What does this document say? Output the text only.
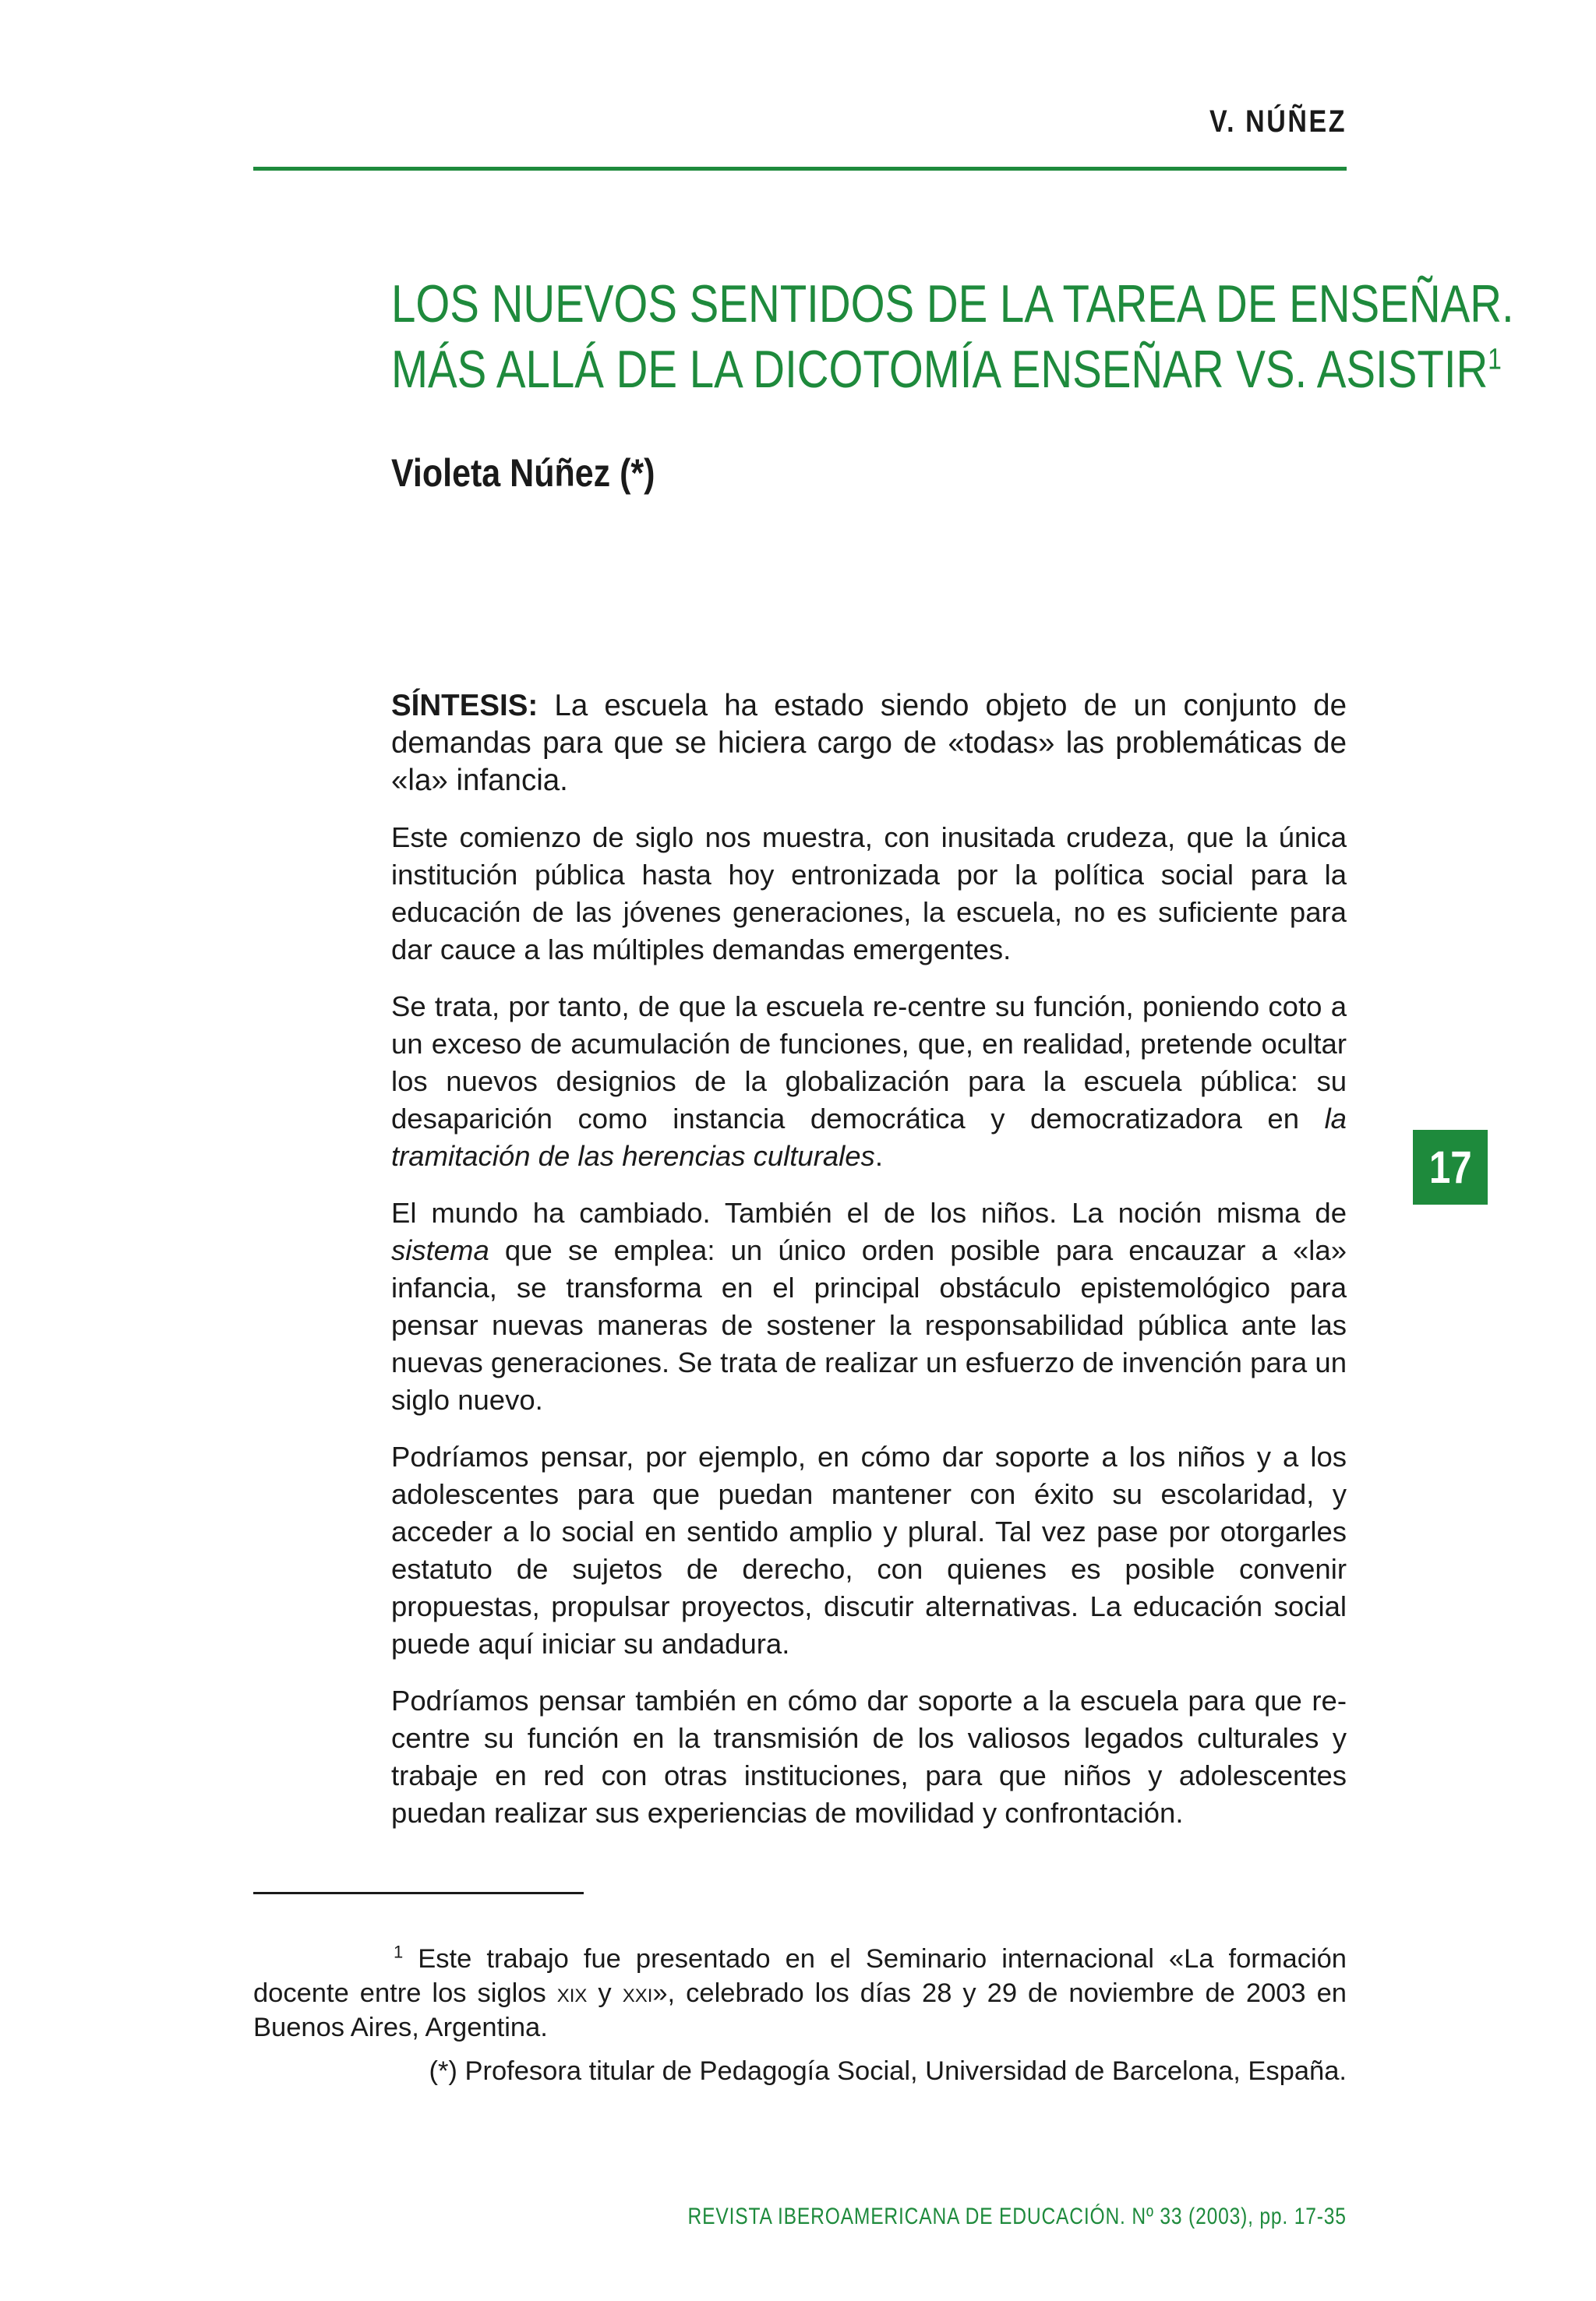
V. NÚÑEZ
LOS NUEVOS SENTIDOS DE LA TAREA DE ENSEÑAR.
MÁS ALLÁ DE LA DICOTOMÍA ENSEÑAR VS. ASISTIR$^1$
Violeta Núñez (*)

SÍNTESIS: La escuela ha estado siendo objeto de un conjunto de demandas para que se hiciera cargo de «todas» las problemáticas de «la» infancia.

Este comienzo de siglo nos muestra, con inusitada crudeza, que la única institución pública hasta hoy entronizada por la política social para la educación de las jóvenes generaciones, la escuela, no es suficiente para dar cauce a las múltiples demandas emergentes.

Se trata, por tanto, de que la escuela re-centre su función, poniendo coto a un exceso de acumulación de funciones, que, en realidad, pretende ocultar los nuevos designios de la globalización para la escuela pública: su desaparición como instancia democrática y democratizadora en la tramitación de las herencias culturales.

El mundo ha cambiado. También el de los niños. La noción misma de sistema que se emplea: un único orden posible para encauzar a «la» infancia, se transforma en el principal obstáculo epistemológico para pensar nuevas maneras de sostener la responsabilidad pública ante las nuevas generaciones. Se trata de realizar un esfuerzo de invención para un siglo nuevo.

Podríamos pensar, por ejemplo, en cómo dar soporte a los niños y a los adolescentes para que puedan mantener con éxito su escolaridad, y acceder a lo social en sentido amplio y plural. Tal vez pase por otorgarles estatuto de sujetos de derecho, con quienes es posible convenir propuestas, propulsar proyectos, discutir alternativas. La educación social puede aquí iniciar su andadura.

Podríamos pensar también en cómo dar soporte a la escuela para que re-centre su función en la transmisión de los valiosos legados culturales y trabaje en red con otras instituciones, para que niños y adolescentes puedan realizar sus experiencias de movilidad y confrontación.

17

$^1$ Este trabajo fue presentado en el Seminario internacional «La formación docente entre los siglos xix y xxi», celebrado los días 28 y 29 de noviembre de 2003 en Buenos Aires, Argentina.

(*) Profesora titular de Pedagogía Social, Universidad de Barcelona, España.

REVISTA IBEROAMERICANA DE EDUCACIÓN. Nº 33 (2003), pp. 17-35
